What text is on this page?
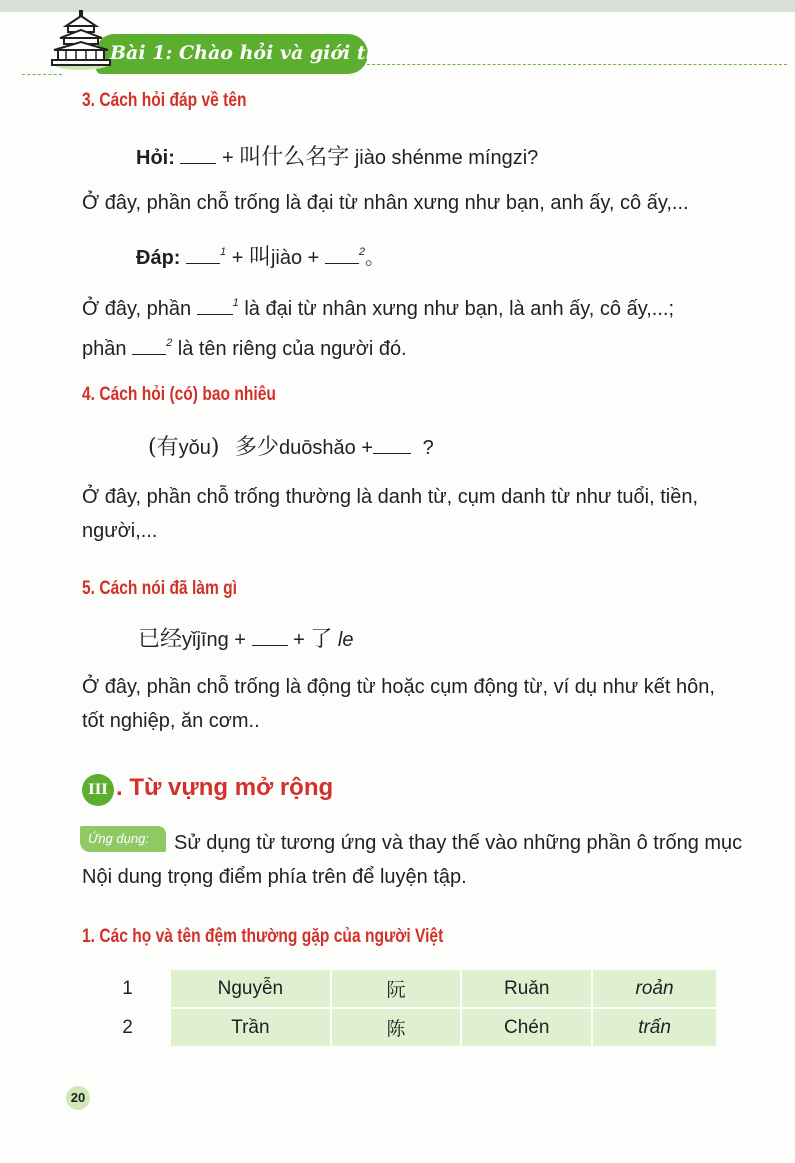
Bài 1: Chào hỏi và giới thiệu
3. Cách hỏi đáp về tên
Hỏi: + 叫什么名字 jiào shénme míngzi?
Ở đây, phần chỗ trống là đại từ nhân xưng như bạn, anh ấy, cô ấy,...
Đáp:	$^1$ + 叫jiào +	$^2$。
Ở đây, phần	$^1$ là đại từ nhân xưng như bạn, là anh ấy, cô ấy,...;
phần	$^2$ là tên riêng của người đó.
4. Cách hỏi (có) bao nhiêu
(有yǒu) 多少duōshǎo + ?
Ở đây, phần chỗ trống thường là danh từ, cụm danh từ như tuổi, tiền, người,...
5. Cách nói đã làm gì
已经yǐjīng + + 了 le
Ở đây, phần chỗ trống là động từ hoặc cụm động từ, ví dụ như kết hôn, tốt nghiệp, ăn cơm..
III . Từ vựng mở rộng
Ứng dụng:	Sử dụng từ tương ứng và thay thế vào những phần ô trống mục Nội dung trọng điểm phía trên để luyện tập.
1. Các họ và tên đệm thường gặp của người Việt
1	Nguyễn	阮	Ruǎn	roản
2	Trần	陈	Chén	trấn
20
